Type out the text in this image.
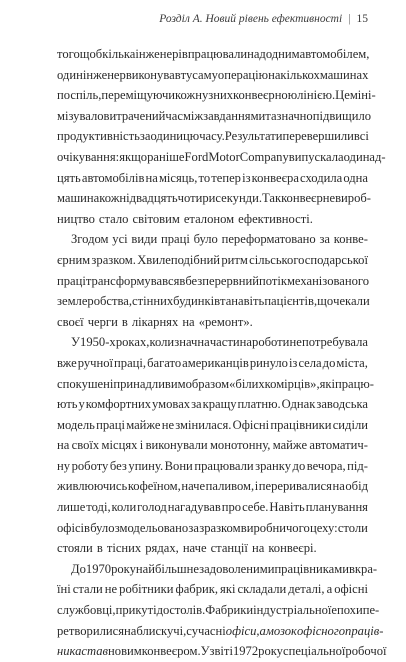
Розділ А. Новий рівень ефективності | 15
того щоб кілька інженерів працювали над одним автомобілем,
один інженер виконував ту саму операцію на кількох машинах
поспіль, переміщуючи кожну з них конвеєрною лінією. Це міні-
мізувало витрачений час між завданнями та значно підвищило
продуктивність за одиницю часу. Результати перевершили всі
очікування: якщо раніше Ford Motor Company випускала одинад-
цять автомобілів на місяць, то тепер із конвеєра сходила одна
машина кожні двадцять чотири секунди. Так конвеєрне вироб-
ництво стало світовим еталоном ефективності.
Згодом усі види праці було переформатовано за конве-
єрним зразком. Хвилеподібний ритм сільськогосподарської
праці трансформувався в безперервний потік механізованого
землеробства, стінних будинків та навіть пацієнтів, що чекали
своєї черги в лікарнях на «ремонт».
У 1950-х роках, коли значна частина роботи не потребувала
вже ручної праці, багато американців ринуло із села до міста,
спокушені принадливим образом «білих комірців», які працю-
ють у комфортних умовах за кращу платню. Однак заводська
модель праці майже не змінилася. Офісні працівники сиділи
на своїх місцях і виконували монотонну, майже автоматич-
ну роботу без упину. Вони працювали зранку до вечора, під-
живлюючись кофеїном, наче паливом, і переривалися на обід
лише тоді, коли голод нагадував про себе. Навіть планування
офісів було змодельовано за зразком виробничого цеху: столи
стояли в тісних рядах, наче станції на конвеєрі.
До 1970 року найбільш незадоволеними працівниками в кра-
їні стали не робітники фабрик, які складали деталі, а офісні
службовці, прикуті до столів. Фабрики індустріальної епохи пе-
ретворилися на блискучі, сучасні офіси, а мозок офісного праців-
ника став новим конвеєром. У звіті 1972 року спеціальної робочої
